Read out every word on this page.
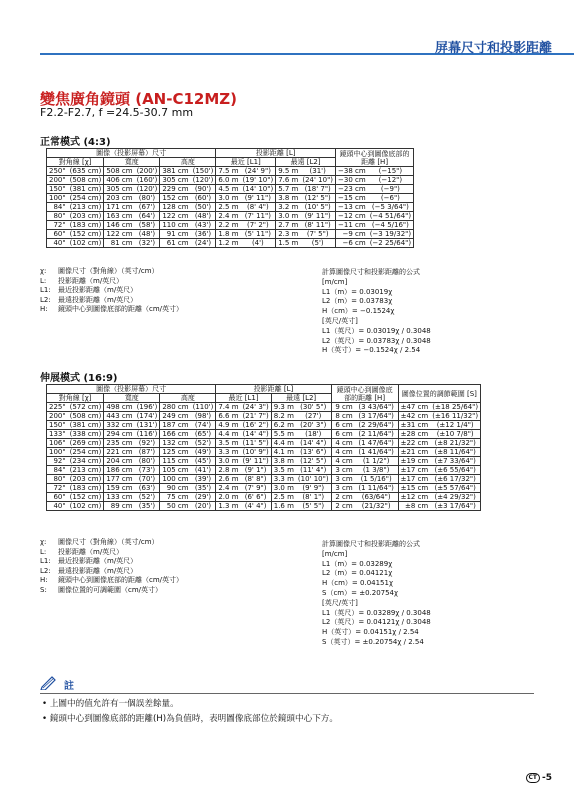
屏幕尺寸和投影距離
變焦廣角鏡頭 (AN-C12MZ)
F2.2-F2.7, f =24.5-30.7 mm
正常模式 (4:3)
圖像（投影屏幕）尺寸						投影距離 [L]				鏡頭中心到圖像底部的距離 [H]	
對角線 [χ]		寬度		高度		最近 [L1]		最遠 [L2]			
250"	(635 cm)	508 cm	(200')	381 cm	(150')	7.5 m	(24' 9")	9.5 m	(31')	−38 cm	(−15")
200"	(508 cm)	406 cm	(160')	305 cm	(120')	6.0 m	(19' 10")	7.6 m	(24' 10")	−30 cm	(−12")
150"	(381 cm)	305 cm	(120')	229 cm	(90')	4.5 m	(14' 10")	5.7 m	(18' 7")	−23 cm	(−9")
100"	(254 cm)	203 cm	(80')	152 cm	(60')	3.0 m	(9' 11")	3.8 m	(12' 5")	−15 cm	(−6")
84"	(213 cm)	171 cm	(67')	128 cm	(50')	2.5 m	(8' 4")	3.2 m	(10' 5")	−13 cm	(−5 3/64")
80"	(203 cm)	163 cm	(64')	122 cm	(48')	2.4 m	(7' 11")	3.0 m	(9' 11")	−12 cm	(−4 51/64")
72"	(183 cm)	146 cm	(58')	110 cm	(43')	2.2 m	(7' 2")	2.7 m	(8' 11")	−11 cm	(−4 5/16")
60"	(152 cm)	122 cm	(48')	91 cm	(36')	1.8 m	(5' 11")	2.3 m	(7' 5")	−9 cm	(−3 19/32")
40"	(102 cm)	81 cm	(32')	61 cm	(24')	1.2 m	(4')	1.5 m	(5')	−6 cm	(−2 25/64")
χ:	圖像尺寸（對角線）（英寸/cm）
L:	投影距離（m/英尺）
L1:	最近投影距離（m/英尺）
L2:	最遠投影距離（m/英尺）
H:	鏡頭中心到圖像底部的距離（cm/英寸）
計算圖像尺寸和投影距離的公式
[m/cm]
L1（m）= 0.03019χ
L2（m）= 0.03783χ
H（cm）= −0.1524χ
[英尺/英寸]
L1（英尺）= 0.03019χ / 0.3048
L2（英尺）= 0.03783χ / 0.3048
H（英寸）= −0.1524χ / 2.54
伸展模式 (16:9)
圖像（投影屏幕）尺寸						投影距離 [L]				鏡頭中心到圖像底部的距離 [H]		圖像位置的調節範圍 [S]	
對角線 [χ]		寬度		高度		最近 [L1]		最遠 [L2]					
225"	(572 cm)	498 cm	(196')	280 cm	(110')	7.4 m	(24' 3")	9.3 m	(30' 5")	9 cm	(3 43/64")	±47 cm	(±18 25/64")
200"	(508 cm)	443 cm	(174')	249 cm	(98')	6.6 m	(21' 7")	8.2 m	(27')	8 cm	(3 17/64")	±42 cm	(±16 11/32")
150"	(381 cm)	332 cm	(131')	187 cm	(74')	4.9 m	(16' 2")	6.2 m	(20' 3")	6 cm	(2 29/64")	±31 cm	(±12 1/4")
133"	(338 cm)	294 cm	(116')	166 cm	(65')	4.4 m	(14' 4")	5.5 m	(18')	6 cm	(2 11/64")	±28 cm	(±10 7/8")
106"	(269 cm)	235 cm	(92')	132 cm	(52')	3.5 m	(11' 5")	4.4 m	(14' 4")	4 cm	(1 47/64")	±22 cm	(±8 21/32")
100"	(254 cm)	221 cm	(87')	125 cm	(49')	3.3 m	(10' 9")	4.1 m	(13' 6")	4 cm	(1 41/64")	±21 cm	(±8 11/64")
92"	(234 cm)	204 cm	(80')	115 cm	(45')	3.0 m	(9' 11")	3.8 m	(12' 5")	4 cm	(1 1/2")	±19 cm	(±7 33/64")
84"	(213 cm)	186 cm	(73')	105 cm	(41')	2.8 m	(9' 1")	3.5 m	(11' 4")	3 cm	(1 3/8")	±17 cm	(±6 55/64")
80"	(203 cm)	177 cm	(70')	100 cm	(39')	2.6 m	(8' 8")	3.3 m	(10' 10")	3 cm	(1 5/16")	±17 cm	(±6 17/32")
72"	(183 cm)	159 cm	(63')	90 cm	(35')	2.4 m	(7' 9")	3.0 m	(9' 9")	3 cm	(1 11/64")	±15 cm	(±5 57/64")
60"	(152 cm)	133 cm	(52')	75 cm	(29')	2.0 m	(6' 6")	2.5 m	(8' 1")	2 cm	(63/64")	±12 cm	(±4 29/32")
40"	(102 cm)	89 cm	(35')	50 cm	(20')	1.3 m	(4' 4")	1.6 m	(5' 5")	2 cm	(21/32")	±8 cm	(±3 17/64")
χ:	圖像尺寸（對角線）（英寸/cm）
L:	投影距離（m/英尺）
L1:	最近投影距離（m/英尺）
L2:	最遠投影距離（m/英尺）
H:	鏡頭中心到圖像底部的距離（cm/英寸）
S:	圖像位置的可調範圍（cm/英寸）
計算圖像尺寸和投影距離的公式
[m/cm]
L1（m）= 0.03289χ
L2（m）= 0.04121χ
H（cm）= 0.04151χ
S（cm）= ±0.20754χ
[英尺/英寸]
L1（英尺）= 0.03289χ / 0.3048
L2（英尺）= 0.04121χ / 0.3048
H（英寸）= 0.04151χ / 2.54
S（英寸）= ±0.20754χ / 2.54
註
• 上圖中的值允許有一個誤差餘量。
• 鏡頭中心到圖像底部的距離(H)為負值時，表明圖像底部位於鏡頭中心下方。
CT -5
